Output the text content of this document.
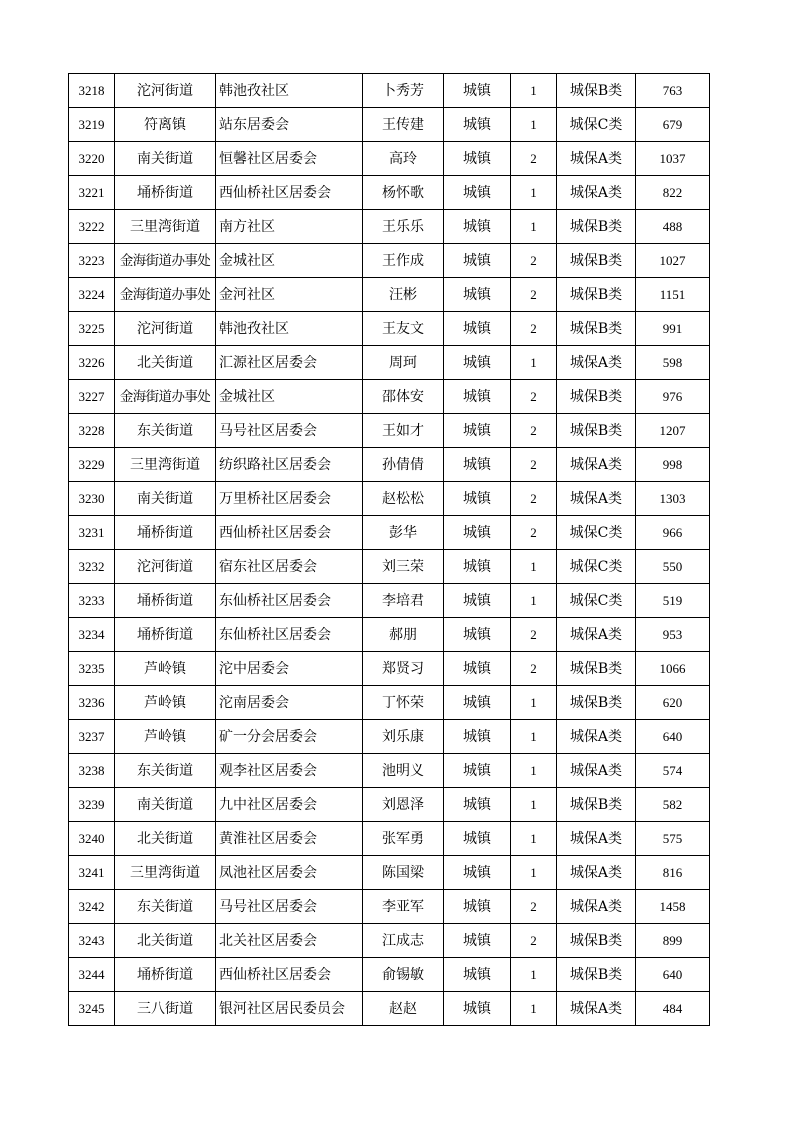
3218	沱河街道	韩池孜社区	卜秀芳	城镇	1	城保B类	763
3219	符离镇	站东居委会	王传建	城镇	1	城保C类	679
3220	南关街道	恒馨社区居委会	高玲	城镇	2	城保A类	1037
3221	埇桥街道	西仙桥社区居委会	杨怀歌	城镇	1	城保A类	822
3222	三里湾街道	南方社区	王乐乐	城镇	1	城保B类	488
3223	金海街道办事处	金城社区	王作成	城镇	2	城保B类	1027
3224	金海街道办事处	金河社区	汪彬	城镇	2	城保B类	1151
3225	沱河街道	韩池孜社区	王友文	城镇	2	城保B类	991
3226	北关街道	汇源社区居委会	周珂	城镇	1	城保A类	598
3227	金海街道办事处	金城社区	邵体安	城镇	2	城保B类	976
3228	东关街道	马号社区居委会	王如才	城镇	2	城保B类	1207
3229	三里湾街道	纺织路社区居委会	孙倩倩	城镇	2	城保A类	998
3230	南关街道	万里桥社区居委会	赵松松	城镇	2	城保A类	1303
3231	埇桥街道	西仙桥社区居委会	彭华	城镇	2	城保C类	966
3232	沱河街道	宿东社区居委会	刘三荣	城镇	1	城保C类	550
3233	埇桥街道	东仙桥社区居委会	李培君	城镇	1	城保C类	519
3234	埇桥街道	东仙桥社区居委会	郝朋	城镇	2	城保A类	953
3235	芦岭镇	沱中居委会	郑贤习	城镇	2	城保B类	1066
3236	芦岭镇	沱南居委会	丁怀荣	城镇	1	城保B类	620
3237	芦岭镇	矿一分会居委会	刘乐康	城镇	1	城保A类	640
3238	东关街道	观李社区居委会	池明义	城镇	1	城保A类	574
3239	南关街道	九中社区居委会	刘恩泽	城镇	1	城保B类	582
3240	北关街道	黄淮社区居委会	张军勇	城镇	1	城保A类	575
3241	三里湾街道	凤池社区居委会	陈国梁	城镇	1	城保A类	816
3242	东关街道	马号社区居委会	李亚军	城镇	2	城保A类	1458
3243	北关街道	北关社区居委会	江成志	城镇	2	城保B类	899
3244	埇桥街道	西仙桥社区居委会	俞锡敏	城镇	1	城保B类	640
3245	三八街道	银河社区居民委员会	赵赵	城镇	1	城保A类	484
